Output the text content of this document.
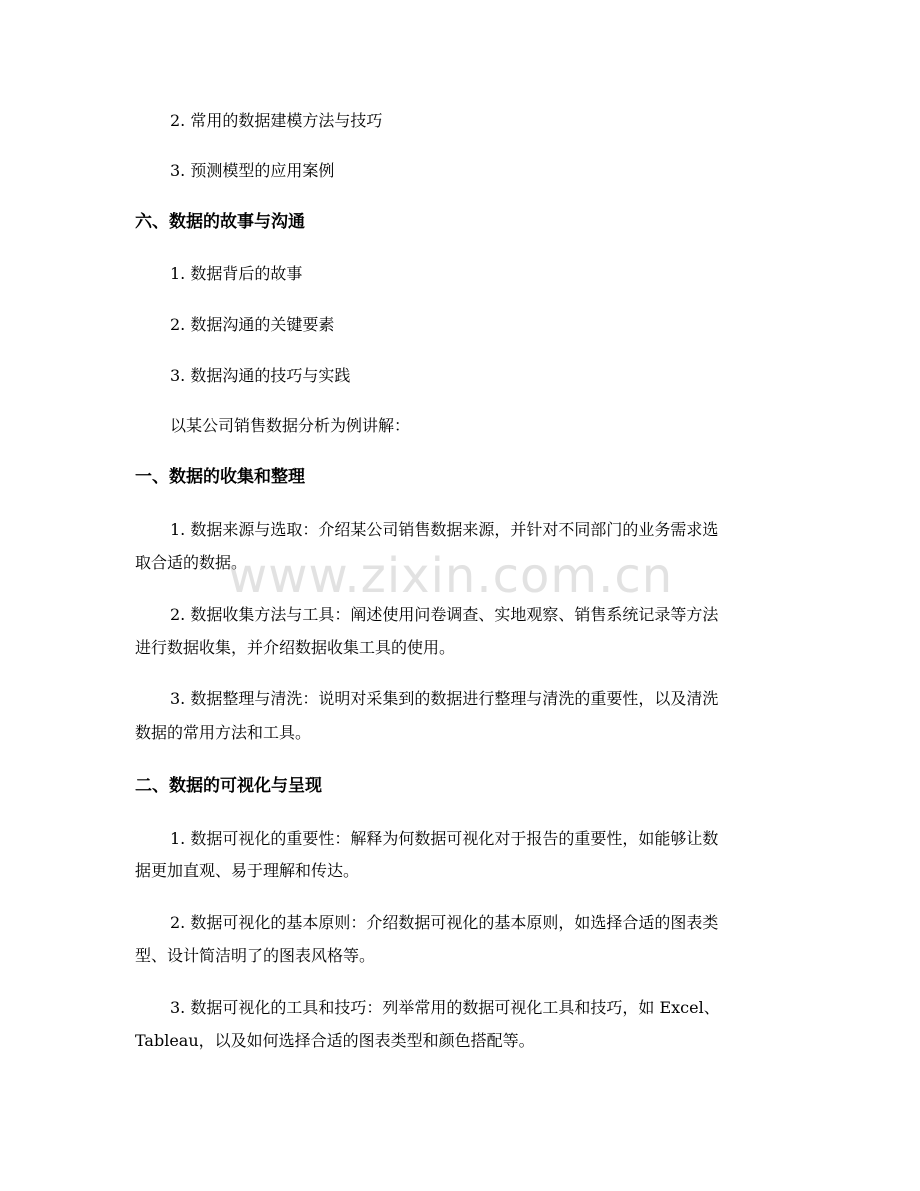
2. 常用的数据建模方法与技巧
3. 预测模型的应用案例
六、数据的故事与沟通
1. 数据背后的故事
2. 数据沟通的关键要素
3. 数据沟通的技巧与实践
以某公司销售数据分析为例讲解：
一、数据的收集和整理
1. 数据来源与选取：介绍某公司销售数据来源，并针对不同部门的业务需求选
取合适的数据。
2. 数据收集方法与工具：阐述使用问卷调查、实地观察、销售系统记录等方法
进行数据收集，并介绍数据收集工具的使用。
3. 数据整理与清洗：说明对采集到的数据进行整理与清洗的重要性，以及清洗
数据的常用方法和工具。
二、数据的可视化与呈现
1. 数据可视化的重要性：解释为何数据可视化对于报告的重要性，如能够让数
据更加直观、易于理解和传达。
2. 数据可视化的基本原则：介绍数据可视化的基本原则，如选择合适的图表类
型、设计简洁明了的图表风格等。
3. 数据可视化的工具和技巧：列举常用的数据可视化工具和技巧，如 Excel、
Tableau，以及如何选择合适的图表类型和颜色搭配等。
www.zixin.com.cn
